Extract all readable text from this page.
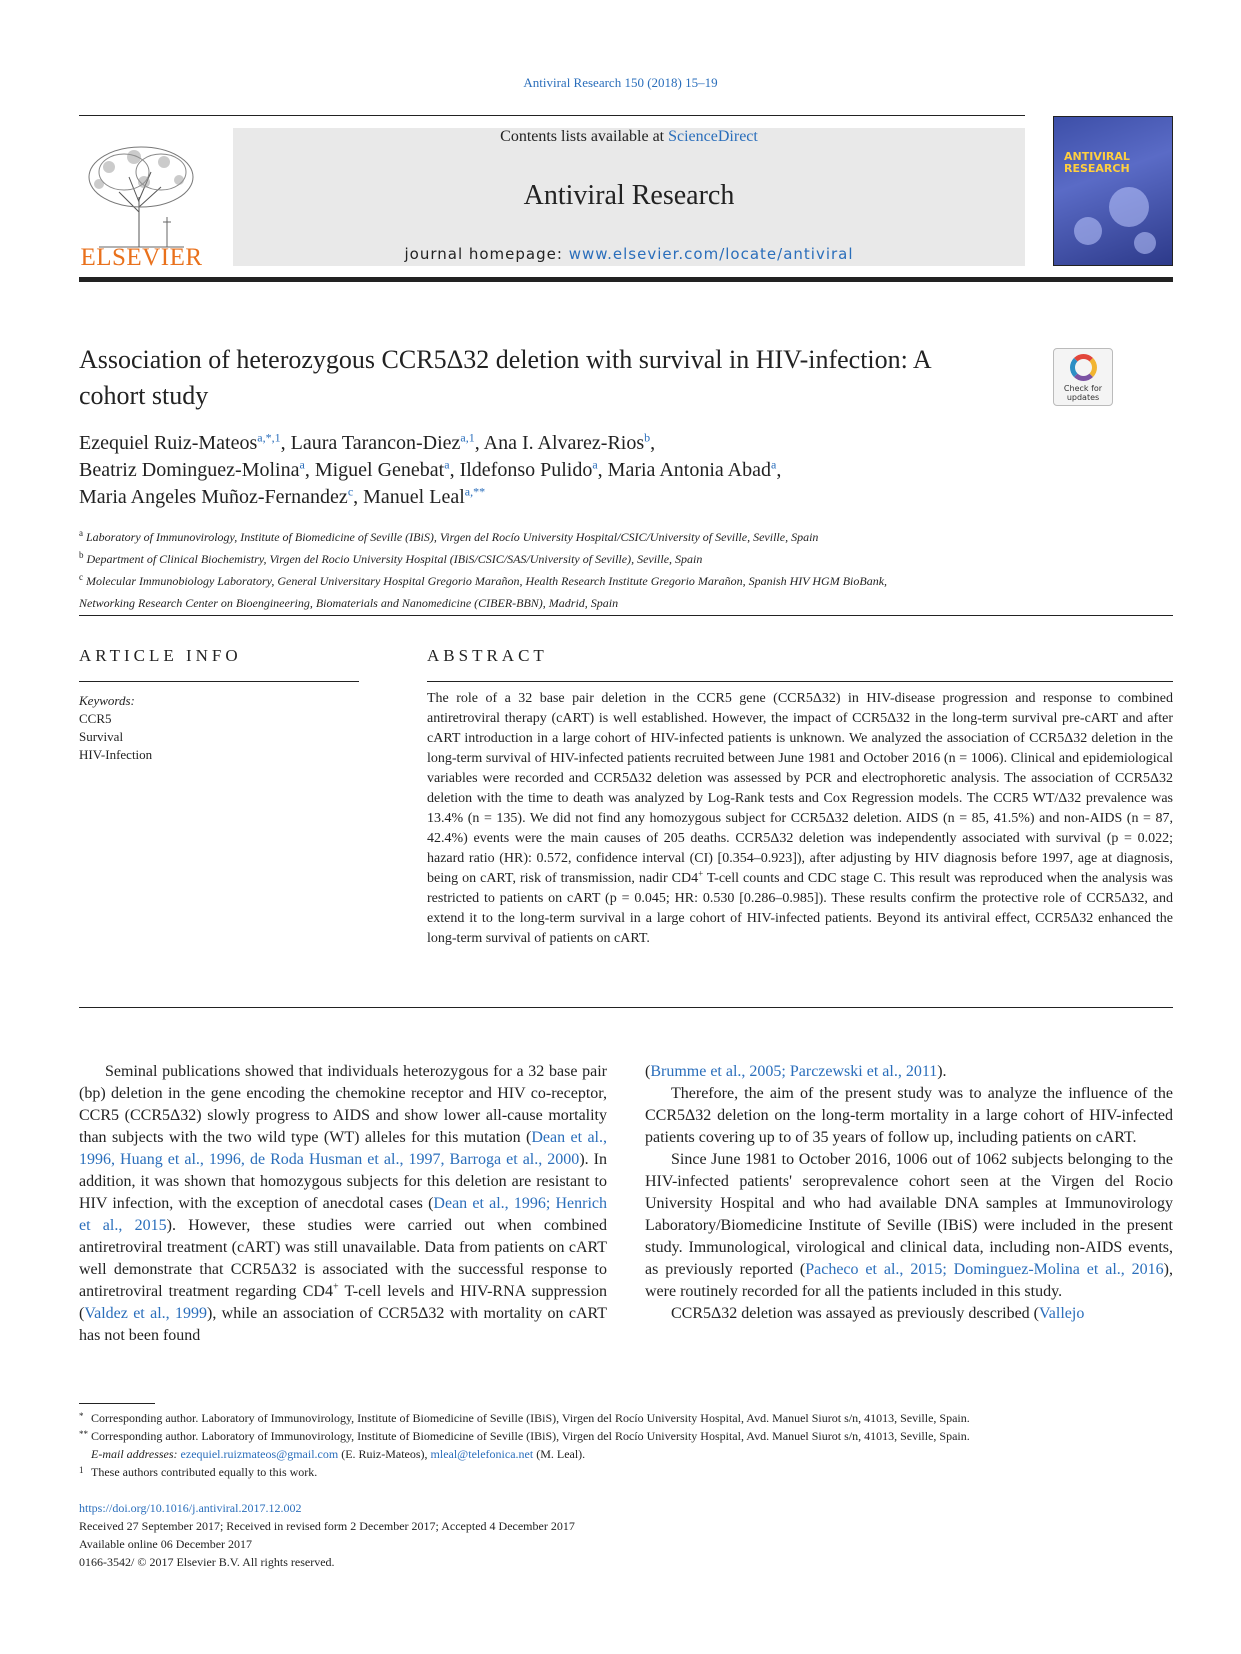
Antiviral Research 150 (2018) 15–19
ELSEVIER
Contents lists available at ScienceDirect
Antiviral Research
journal homepage: www.elsevier.com/locate/antiviral
ANTIVIRAL RESEARCH
Check for updates
Association of heterozygous CCR5Δ32 deletion with survival in HIV-infection: A cohort study
Ezequiel Ruiz-Mateos$^{a,*,1}$, Laura Tarancon-Diez$^{a,1}$, Ana I. Alvarez-Rios$^b$,
Beatriz Dominguez-Molina$^a$, Miguel Genebat$^a$, Ildefonso Pulido$^a$, Maria Antonia Abad$^a$,
Maria Angeles Muñoz-Fernandez$^c$, Manuel Leal$^{a,**}$
$^a$ Laboratory of Immunovirology, Institute of Biomedicine of Seville (IBiS), Virgen del Rocío University Hospital/CSIC/University of Seville, Seville, Spain
$^b$ Department of Clinical Biochemistry, Virgen del Rocio University Hospital (IBiS/CSIC/SAS/University of Seville), Seville, Spain
$^c$ Molecular Immunobiology Laboratory, General Universitary Hospital Gregorio Marañon, Health Research Institute Gregorio Marañon, Spanish HIV HGM BioBank,
Networking Research Center on Bioengineering, Biomaterials and Nanomedicine (CIBER-BBN), Madrid, Spain
ARTICLE INFO	ABSTRACT
Keywords:
CCR5
Survival
HIV-Infection
The role of a 32 base pair deletion in the CCR5 gene (CCR5Δ32) in HIV-disease progression and response to combined antiretroviral therapy (cART) is well established. However, the impact of CCR5Δ32 in the long-term survival pre-cART and after cART introduction in a large cohort of HIV-infected patients is unknown. We analyzed the association of CCR5Δ32 deletion in the long-term survival of HIV-infected patients recruited between June 1981 and October 2016 (n = 1006). Clinical and epidemiological variables were recorded and CCR5Δ32 deletion was assessed by PCR and electrophoretic analysis. The association of CCR5Δ32 deletion with the time to death was analyzed by Log-Rank tests and Cox Regression models. The CCR5 WT/Δ32 prevalence was 13.4% (n = 135). We did not find any homozygous subject for CCR5Δ32 deletion. AIDS (n = 85, 41.5%) and non-AIDS (n = 87, 42.4%) events were the main causes of 205 deaths. CCR5Δ32 deletion was independently associated with survival (p = 0.022; hazard ratio (HR): 0.572, confidence interval (CI) [0.354–0.923]), after adjusting by HIV diagnosis before 1997, age at diagnosis, being on cART, risk of transmission, nadir CD4+ T-cell counts and CDC stage C. This result was reproduced when the analysis was restricted to patients on cART (p = 0.045; HR: 0.530 [0.286–0.985]). These results confirm the protective role of CCR5Δ32, and extend it to the long-term survival in a large cohort of HIV-infected patients. Beyond its antiviral effect, CCR5Δ32 enhanced the long-term survival of patients on cART.

Seminal publications showed that individuals heterozygous for a 32 base pair (bp) deletion in the gene encoding the chemokine receptor and HIV co-receptor, CCR5 (CCR5Δ32) slowly progress to AIDS and show lower all-cause mortality than subjects with the two wild type (WT) alleles for this mutation (Dean et al., 1996, Huang et al., 1996, de Roda Husman et al., 1997, Barroga et al., 2000). In addition, it was shown that homozygous subjects for this deletion are resistant to HIV infection, with the exception of anecdotal cases (Dean et al., 1996; Henrich et al., 2015). However, these studies were carried out when combined antiretroviral treatment (cART) was still unavailable. Data from patients on cART well demonstrate that CCR5Δ32 is associated with the successful response to antiretroviral treatment regarding CD4+ T-cell levels and HIV-RNA suppression (Valdez et al., 1999), while an association of CCR5Δ32 with mortality on cART has not been found

(Brumme et al., 2005; Parczewski et al., 2011).

Therefore, the aim of the present study was to analyze the influence of the CCR5Δ32 deletion on the long-term mortality in a large cohort of HIV-infected patients covering up to of 35 years of follow up, including patients on cART.

Since June 1981 to October 2016, 1006 out of 1062 subjects belonging to the HIV-infected patients' seroprevalence cohort seen at the Virgen del Rocio University Hospital and who had available DNA samples at Immunovirology Laboratory/Biomedicine Institute of Seville (IBiS) were included in the present study. Immunological, virological and clinical data, including non-AIDS events, as previously reported (Pacheco et al., 2015; Dominguez-Molina et al., 2016), were routinely recorded for all the patients included in this study.

CCR5Δ32 deletion was assayed as previously described (Vallejo

* Corresponding author. Laboratory of Immunovirology, Institute of Biomedicine of Seville (IBiS), Virgen del Rocío University Hospital, Avd. Manuel Siurot s/n, 41013, Seville, Spain.
** Corresponding author. Laboratory of Immunovirology, Institute of Biomedicine of Seville (IBiS), Virgen del Rocío University Hospital, Avd. Manuel Siurot s/n, 41013, Seville, Spain.
E-mail addresses: ezequiel.ruizmateos@gmail.com (E. Ruiz-Mateos), mleal@telefonica.net (M. Leal).
1 These authors contributed equally to this work.
https://doi.org/10.1016/j.antiviral.2017.12.002
Received 27 September 2017; Received in revised form 2 December 2017; Accepted 4 December 2017
Available online 06 December 2017
0166-3542/ © 2017 Elsevier B.V. All rights reserved.
